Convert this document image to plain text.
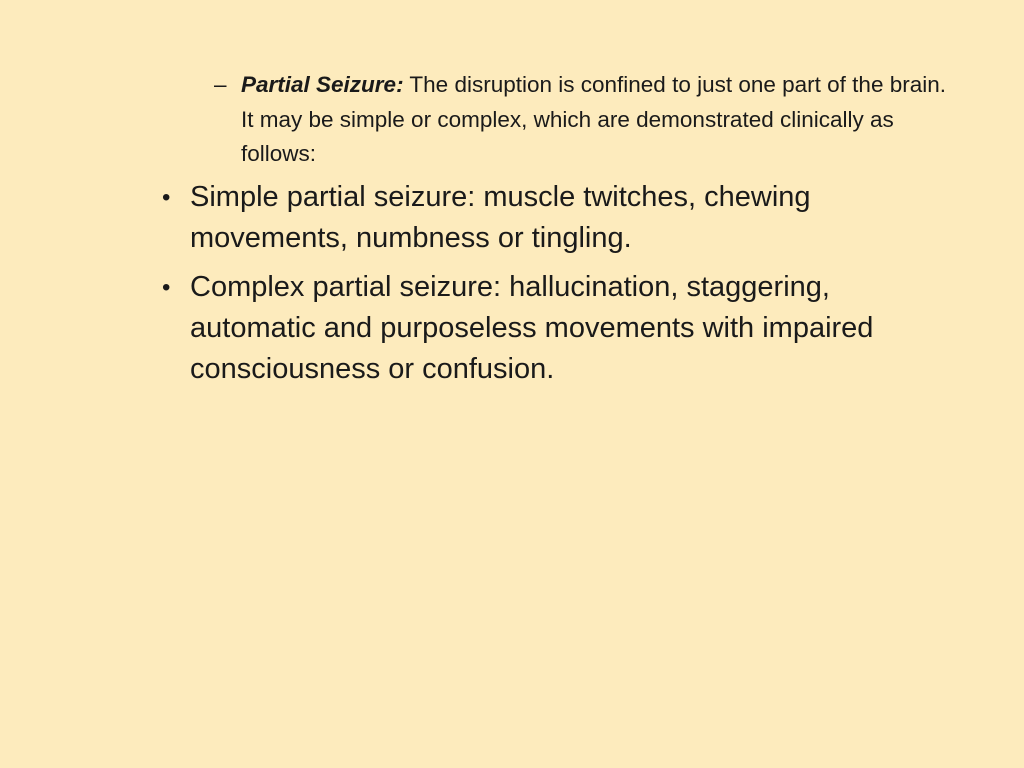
– Partial Seizure: The disruption is confined to just one part of the brain. It may be simple or complex, which are demonstrated clinically as follows:
• Simple partial seizure: muscle twitches, chewing movements, numbness or tingling.
• Complex partial seizure: hallucination, staggering, automatic and purposeless movements with impaired consciousness or confusion.
